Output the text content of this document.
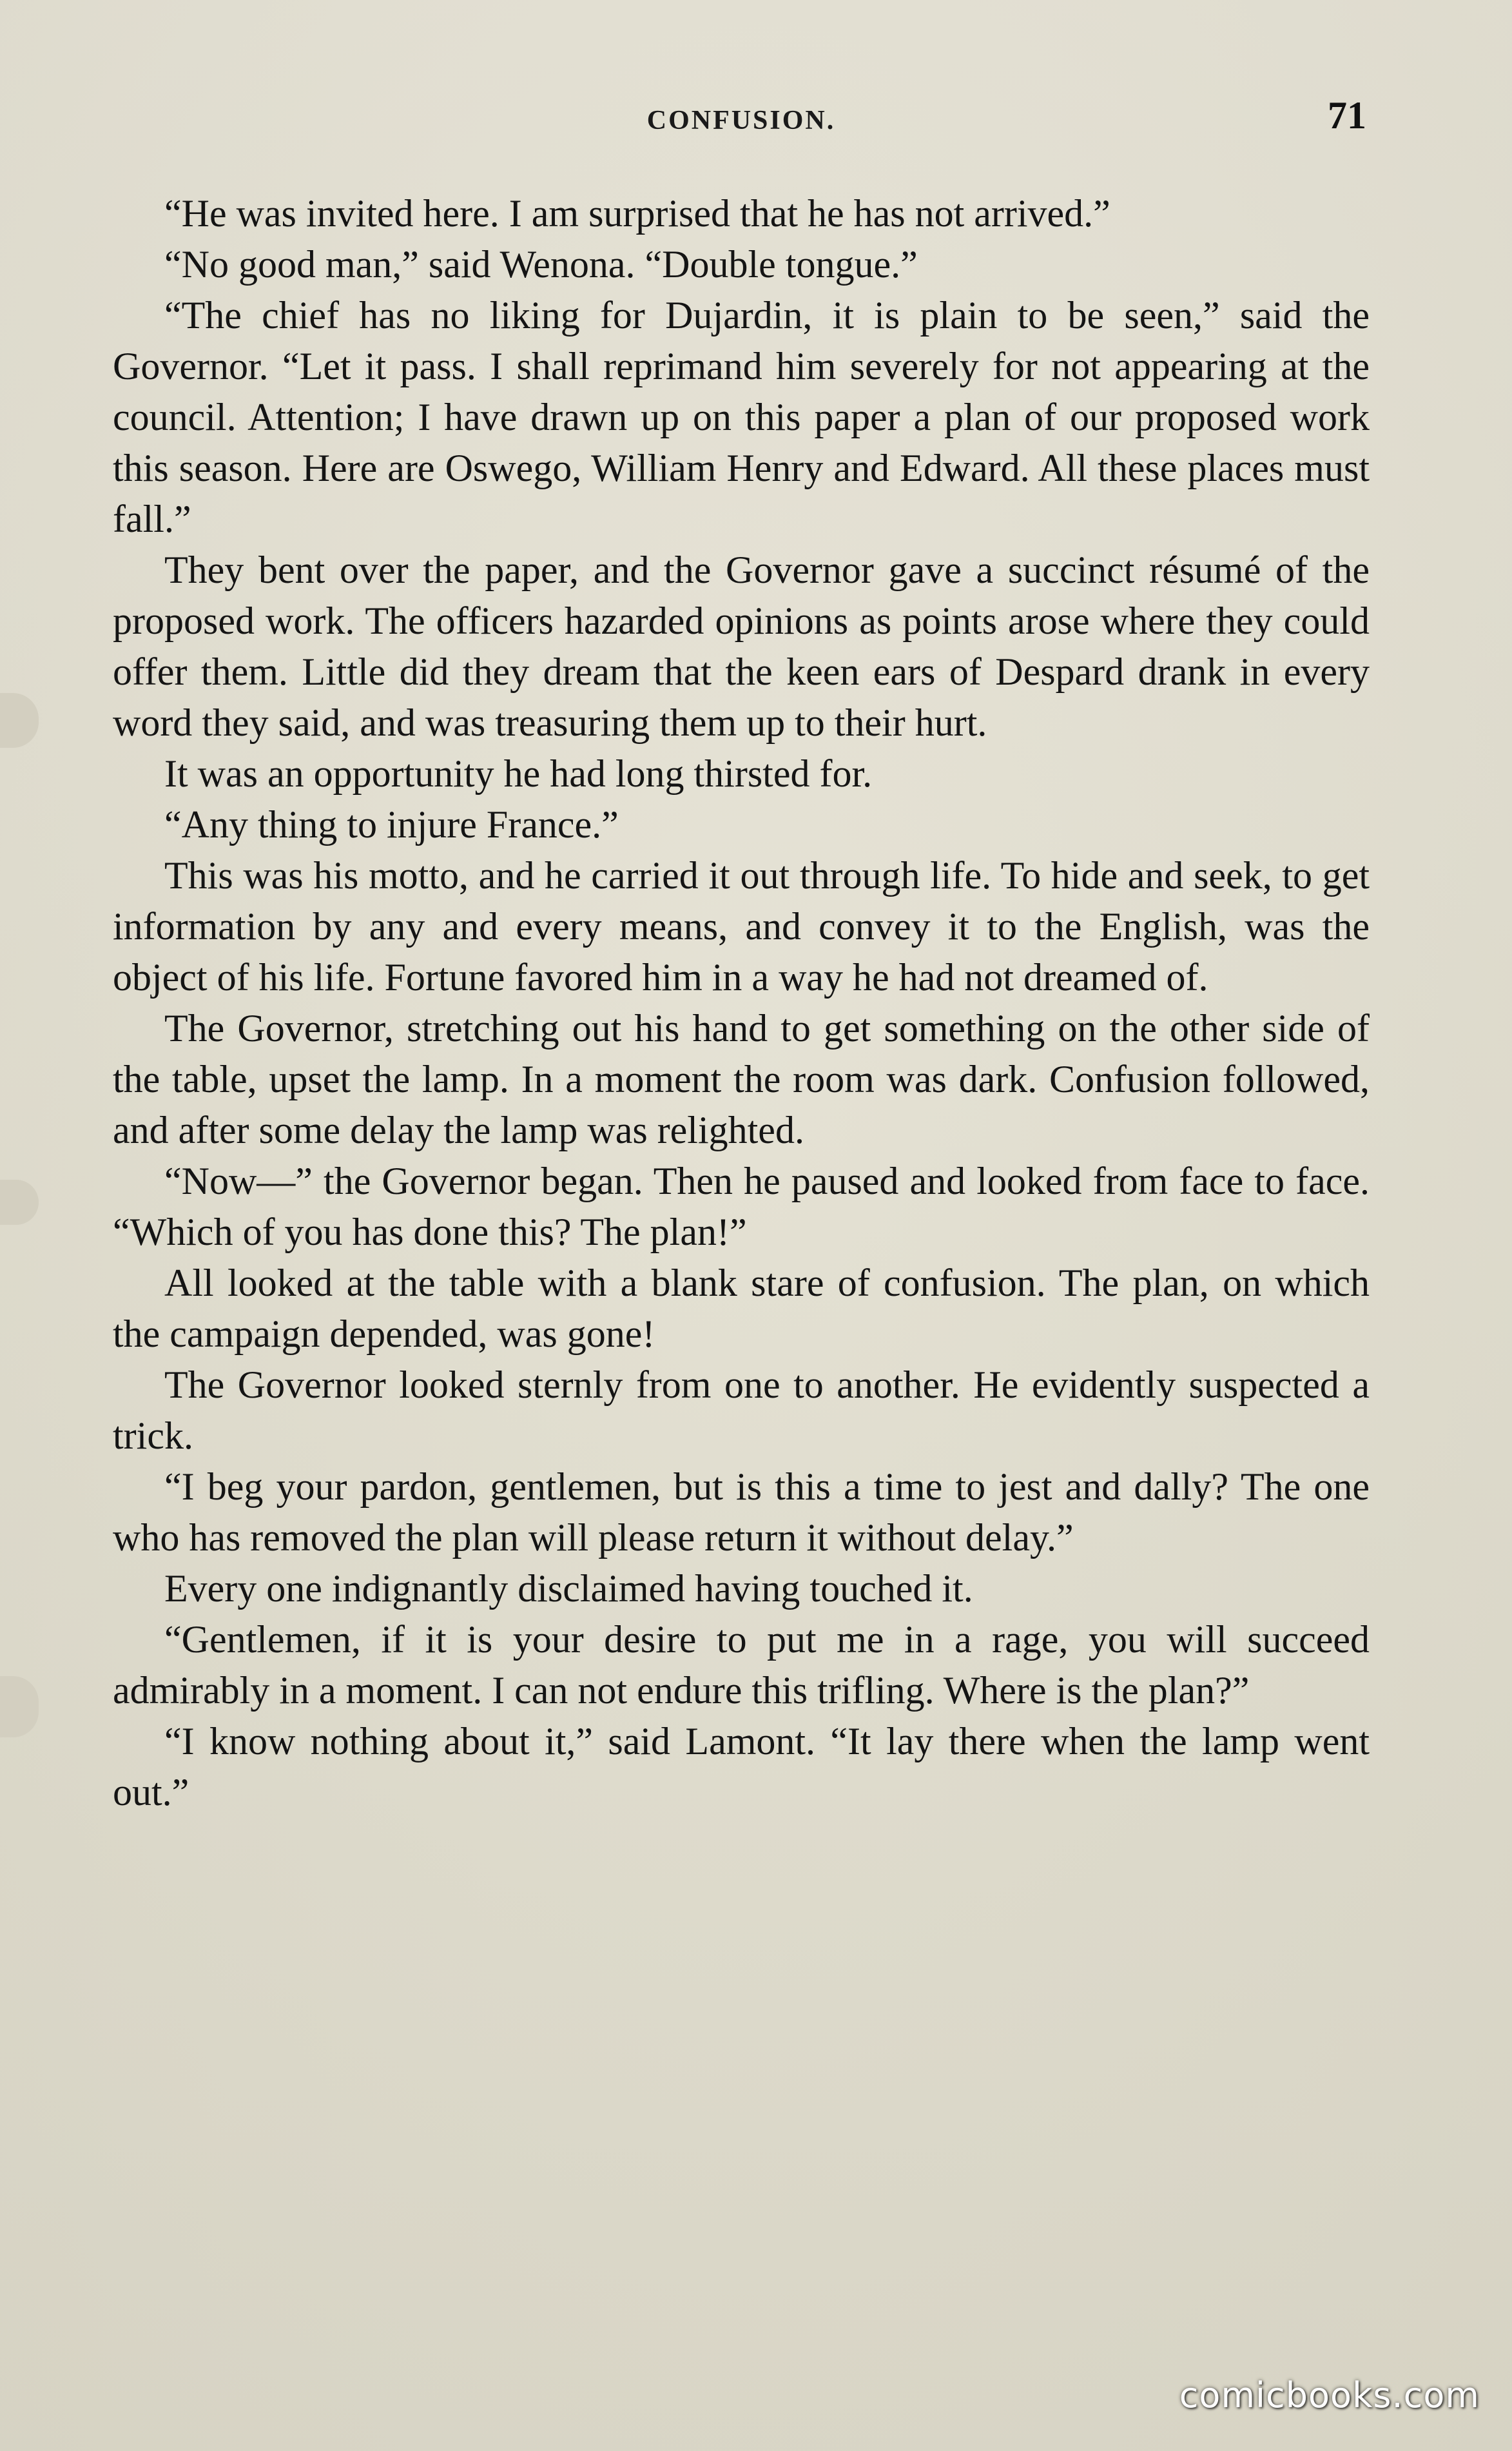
CONFUSION.	71

“He was invited here. I am surprised that he has not arrived.”

“No good man,” said Wenona. “Double tongue.”

“The chief has no liking for Dujardin, it is plain to be seen,” said the Governor. “Let it pass. I shall reprimand him severely for not appearing at the council. Attention; I have drawn up on this paper a plan of our proposed work this season. Here are Oswego, William Henry and Edward. All these places must fall.”

They bent over the paper, and the Governor gave a succinct résumé of the proposed work. The officers hazarded opinions as points arose where they could offer them. Little did they dream that the keen ears of Despard drank in every word they said, and was treasuring them up to their hurt.

It was an opportunity he had long thirsted for.

“Any thing to injure France.”

This was his motto, and he carried it out through life. To hide and seek, to get information by any and every means, and convey it to the English, was the object of his life. Fortune favored him in a way he had not dreamed of.

The Governor, stretching out his hand to get something on the other side of the table, upset the lamp. In a moment the room was dark. Confusion followed, and after some delay the lamp was relighted.

“Now—” the Governor began. Then he paused and looked from face to face. “Which of you has done this? The plan!”

All looked at the table with a blank stare of confusion. The plan, on which the campaign depended, was gone!

The Governor looked sternly from one to another. He evidently suspected a trick.

“I beg your pardon, gentlemen, but is this a time to jest and dally? The one who has removed the plan will please return it without delay.”

Every one indignantly disclaimed having touched it.

“Gentlemen, if it is your desire to put me in a rage, you will succeed admirably in a moment. I can not endure this trifling. Where is the plan?”

“I know nothing about it,” said Lamont. “It lay there when the lamp went out.”

comicbooks.com
